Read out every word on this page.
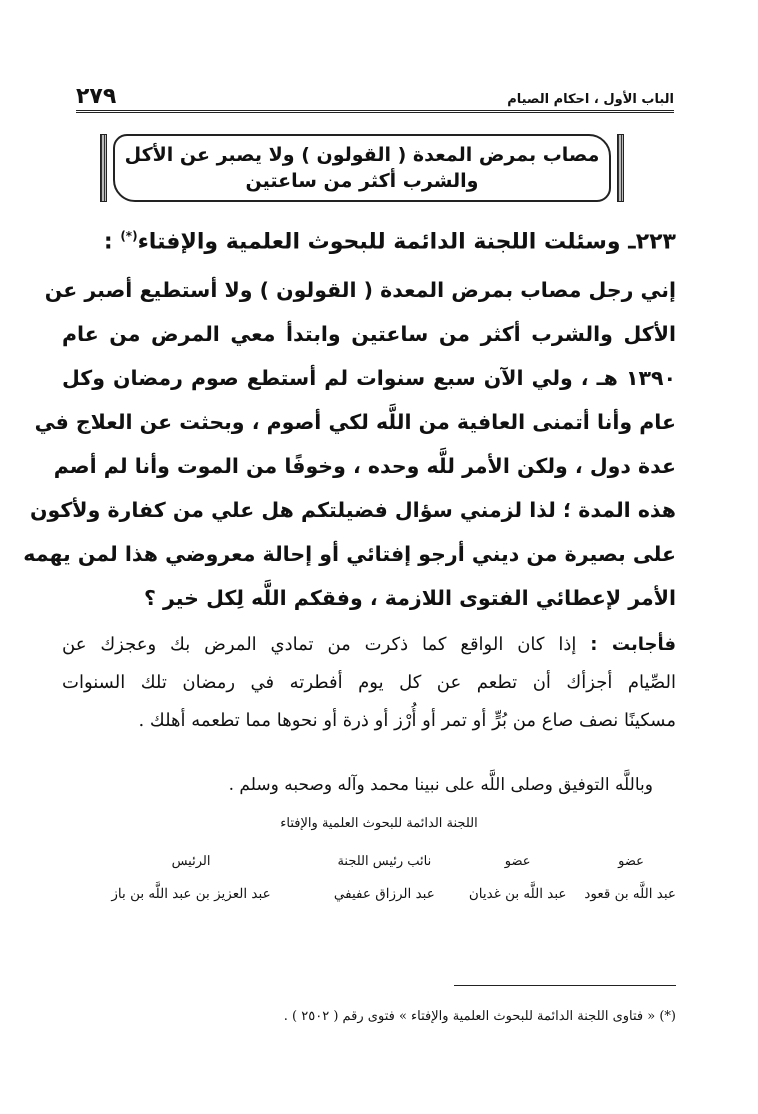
الباب الأول ، احكام الصيام
٢٧٩
مصاب بمرض المعدة ( القولون ) ولا يصبر عن الأكل
والشرب أكثر من ساعتين
٢٢٣ـ وسئلت اللجنة الدائمة للبحوث العلمية والإفتاء(*) :
إني رجل مصاب بمرض المعدة ( القولون ) ولا أستطيع أصبر عن
الأكل والشرب أكثر من ساعتين وابتدأ معي المرض من عام
١٣٩٠ هـ ، ولي الآن سبع سنوات لم أستطع صوم رمضان وكل
عام وأنا أتمنى العافية من اللَّه لكي أصوم ، وبحثت عن العلاج في
عدة دول ، ولكن الأمر للَّه وحده ، وخوفًا من الموت وأنا لم أصم
هذه المدة ؛ لذا لزمني سؤال فضيلتكم هل علي من كفارة ولأكون
على بصيرة من ديني أرجو إفتائي أو إحالة معروضي هذا لمن يهمه
الأمر لإعطائي الفتوى اللازمة ، وفقكم اللَّه لِكل خير ؟
فأجابت : إذا كان الواقع كما ذكرت من تمادي المرض بك وعجزك عن
الصِّيام أجزأك أن تطعم عن كل يوم أفطرته في رمضان تلك السنوات
مسكينًا نصف صاع من بُرٍّ أو تمر أو أُرْز أو ذرة أو نحوها مما تطعمه أهلك .
وباللَّه التوفيق وصلى اللَّه على نبينا محمد وآله وصحبه وسلم .
اللجنة الدائمة للبحوث العلمية والإفتاء
عضو
عضو
نائب رئيس اللجنة
الرئيس
عبد اللَّه بن قعود
عبد اللَّه بن غديان
عبد الرزاق عفيفي
عبد العزيز بن عبد اللَّه بن باز
(*) « فتاوى اللجنة الدائمة للبحوث العلمية والإفتاء » فتوى رقم ( ٢٥٠٢ ) .
